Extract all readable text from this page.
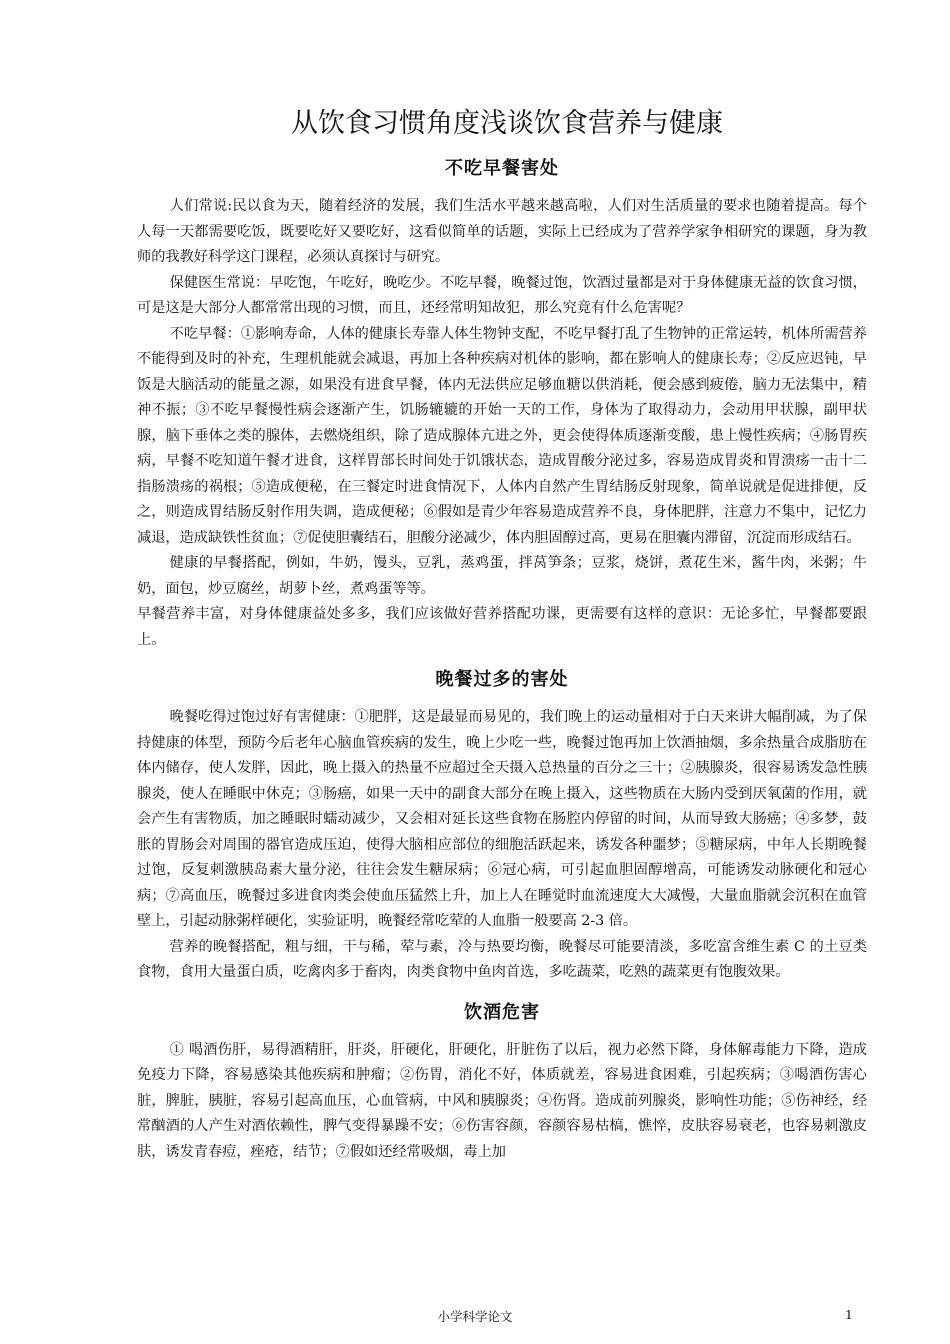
从饮食习惯角度浅谈饮食营养与健康
不吃早餐害处

人们常说:民以食为天，随着经济的发展，我们生活水平越来越高啦，人们对生活质量的要求也随着提高。每个人每一天都需要吃饭，既要吃好又要吃好，这看似简单的话题，实际上已经成为了营养学家争相研究的课题，身为教师的我教好科学这门课程，必须认真探讨与研究。

保健医生常说：早吃饱，午吃好，晚吃少。不吃早餐，晚餐过饱，饮酒过量都是对于身体健康无益的饮食习惯，可是这是大部分人都常常出现的习惯，而且，还经常明知故犯，那么究竟有什么危害呢？

不吃早餐：①影响寿命，人体的健康长寿靠人体生物钟支配，不吃早餐打乱了生物钟的正常运转，机体所需营养不能得到及时的补充，生理机能就会减退，再加上各种疾病对机体的影响，都在影响人的健康长寿；②反应迟钝，早饭是大脑活动的能量之源，如果没有进食早餐，体内无法供应足够血糖以供消耗，便会感到疲倦，脑力无法集中，精神不振；③不吃早餐慢性病会逐渐产生，饥肠辘辘的开始一天的工作，身体为了取得动力，会动用甲状腺，副甲状腺，脑下垂体之类的腺体，去燃烧组织，除了造成腺体亢进之外，更会使得体质逐渐变酸，患上慢性疾病；④肠胃疾病，早餐不吃知道午餐才进食，这样胃部长时间处于饥饿状态，造成胃酸分泌过多，容易造成胃炎和胃溃疡一击十二指肠溃疡的祸根；⑤造成便秘，在三餐定时进食情况下，人体内自然产生胃结肠反射现象，简单说就是促进排便，反之，则造成胃结肠反射作用失调，造成便秘；⑥假如是青少年容易造成营养不良，身体肥胖，注意力不集中，记忆力减退，造成缺铁性贫血；⑦促使胆囊结石，胆酸分泌减少，体内胆固醇过高，更易在胆囊内滞留，沉淀而形成结石。

健康的早餐搭配，例如，牛奶，馒头，豆乳，蒸鸡蛋，拌莴笋条；豆浆，烧饼，煮花生米，酱牛肉，米粥；牛奶，面包，炒豆腐丝，胡萝卜丝，煮鸡蛋等等。

早餐营养丰富，对身体健康益处多多，我们应该做好营养搭配功课，更需要有这样的意识：无论多忙，早餐都要跟上。

晚餐过多的害处

晚餐吃得过饱过好有害健康：①肥胖，这是最显而易见的，我们晚上的运动量相对于白天来讲大幅削减，为了保持健康的体型，预防今后老年心脑血管疾病的发生，晚上少吃一些，晚餐过饱再加上饮酒抽烟，多余热量合成脂肪在体内储存，使人发胖，因此，晚上摄入的热量不应超过全天摄入总热量的百分之三十；②胰腺炎，很容易诱发急性胰腺炎，使人在睡眠中休克；③肠癌，如果一天中的副食大部分在晚上摄入，这些物质在大肠内受到厌氧菌的作用，就会产生有害物质，加之睡眠时蠕动减少，又会相对延长这些食物在肠腔内停留的时间，从而导致大肠癌；④多梦，鼓胀的胃肠会对周围的器官造成压迫，使得大脑相应部位的细胞活跃起来，诱发各种噩梦；⑤糖尿病，中年人长期晚餐过饱，反复刺激胰岛素大量分泌，往往会发生糖尿病；⑥冠心病，可引起血胆固醇增高，可能诱发动脉硬化和冠心病；⑦高血压，晚餐过多进食肉类会使血压猛然上升，加上人在睡觉时血流速度大大减慢，大量血脂就会沉积在血管壁上，引起动脉粥样硬化，实验证明，晚餐经常吃荤的人血脂一般要高 2-3 倍。

营养的晚餐搭配，粗与细，干与稀，荤与素，冷与热要均衡，晚餐尽可能要清淡，多吃富含维生素 C 的土豆类食物，食用大量蛋白质，吃禽肉多于畜肉，肉类食物中鱼肉首选，多吃蔬菜，吃熟的蔬菜更有饱腹效果。

饮酒危害

① 喝酒伤肝，易得酒精肝，肝炎，肝硬化，肝硬化，肝脏伤了以后，视力必然下降，身体解毒能力下降，造成免疫力下降，容易感染其他疾病和肿瘤；②伤胃，消化不好，体质就差，容易进食困难，引起疾病；③喝酒伤害心脏，脾脏，胰脏，容易引起高血压，心血管病，中风和胰腺炎；④伤肾。造成前列腺炎，影响性功能；⑤伤神经，经常酗酒的人产生对酒依赖性，脾气变得暴躁不安；⑥伤害容颜，容颜容易枯槁，憔悴，皮肤容易衰老，也容易刺激皮肤，诱发青春痘，痤疮，结节；⑦假如还经常吸烟，毒上加

小学科学论文	1
